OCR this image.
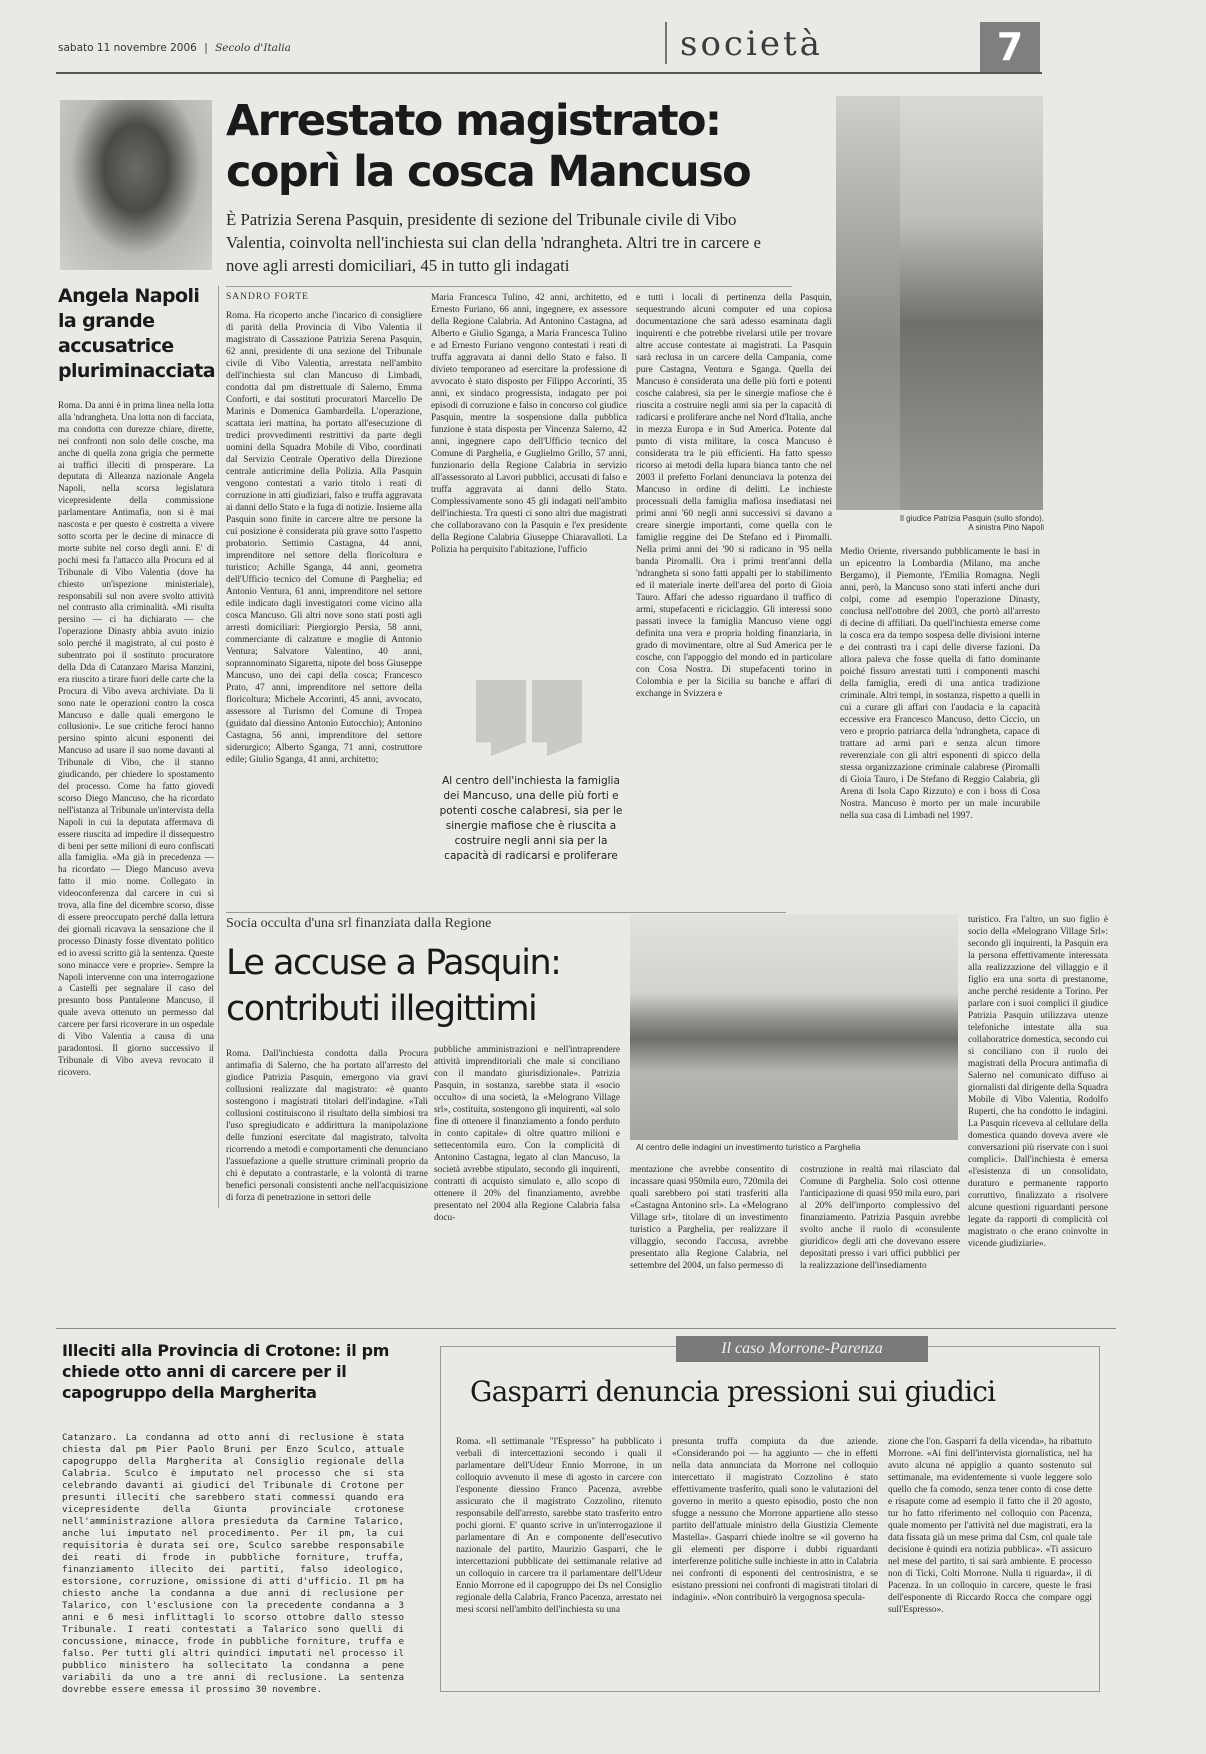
sabato 11 novembre 2006 | Secolo d'Italia	società	7
Angela Napoli la grande accusatrice pluriminacciata
Roma. Da anni è in prima linea nella lotta alla 'ndrangheta. Una lotta non di facciata, ma condotta con durezze chiare, dirette, nei confronti non solo delle cosche, ma anche di quella zona grigia che permette ai traffici illeciti di prosperare. La deputata di Alleanza nazionale Angela Napoli, nella scorsa legislatura vicepresidente della commissione parlamentare Antimafia, non si è mai nascosta e per questo è costretta a vivere sotto scorta per le decine di minacce di morte subite nel corso degli anni. E' di pochi mesi fa l'attacco alla Procura ed al Tribunale di Vibo Valentia (dove ha chiesto un'ispezione ministeriale), responsabili sul non avere svolto attività nel contrasto alla criminalità. «Mi risulta persino — ci ha dichiarato — che l'operazione Dinasty abbia avuto inizio solo perché il magistrato, al cui posto è subentrato poi il sostituto procuratore della Dda di Catanzaro Marisa Manzini, era riuscito a tirare fuori delle carte che la Procura di Vibo aveva archiviate. Da lì sono nate le operazioni contro la cosca Mancuso e dalle quali emergono le collusioni». Le sue critiche feroci hanno persino spinto alcuni esponenti dei Mancuso ad usare il suo nome davanti al Tribunale di Vibo, che il stanno giudicando, per chiedere lo spostamento del processo. Come ha fatto giovedì scorso Diego Mancuso, che ha ricordato nell'istanza al Tribunale un'intervista della Napoli in cui la deputata affermava di essere riuscita ad impedire il dissequestro di beni per sette milioni di euro confiscati alla famiglia. «Ma già in precedenza — ha ricordato — Diego Mancuso aveva fatto il mio nome. Collegato in videoconferenza dal carcere in cui si trova, alla fine del dicembre scorso, disse di essere preoccupato perché dalla lettura dei giornali ricavava la sensazione che il processo Dinasty fosse diventato politico ed io avessi scritto già la sentenza. Queste sono minacce vere e proprie». Sempre la Napoli intervenne con una interrogazione a Castelli per segnalare il caso del presunto boss Pantaleone Mancuso, il quale aveva ottenuto un permesso dal carcere per farsi ricoverare in un ospedale di Vibo Valentia a causa di una paradontosi. Il giorno successivo il Tribunale di Vibo aveva revocato il ricovero.
Arrestato magistrato: coprì la cosca Mancuso
È Patrizia Serena Pasquin, presidente di sezione del Tribunale civile di Vibo Valentia, coinvolta nell'inchiesta sui clan della 'ndrangheta. Altri tre in carcere e nove agli arresti domiciliari, 45 in tutto gli indagati
SANDRO FORTE
Roma. Ha ricoperto anche l'incarico di consigliere di parità della Provincia di Vibo Valentia il magistrato di Cassazione Patrizia Serena Pasquin, 62 anni, presidente di una sezione del Tribunale civile di Vibo Valentia, arrestata nell'ambito dell'inchiesta sul clan Mancuso di Limbadi, condotta dal pm distrettuale di Salerno, Emma Conforti, e dai sostituti procuratori Marcello De Marinis e Domenica Gambardella. L'operazione, scattata ieri mattina, ha portato all'esecuzione di tredici provvedimenti restrittivi da parte degli uomini della Squadra Mobile di Vibo, coordinati dal Servizio Centrale Operativo della Direzione centrale anticrimine della Polizia. Alla Pasquin vengono contestati a vario titolo i reati di corruzione in atti giudiziari, falso e truffa aggravata ai danni dello Stato e la fuga di notizie. Insieme alla Pasquin sono finite in carcere altre tre persone la cui posizione è considerata più grave sotto l'aspetto probatorio. Settimio Castagna, 44 anni, imprenditore nel settore della floricoltura e turistico; Achille Sganga, 44 anni, geometra dell'Ufficio tecnico del Comune di Parghelia; ed Antonio Ventura, 61 anni, imprenditore nel settore edile indicato dagli investigatori come vicino alla cosca Mancuso. Gli altri nove sono stati posti agli arresti domiciliari: Piergiorgio Persia, 58 anni, commerciante di calzature e moglie di Antonio Ventura; Salvatore Valentino, 40 anni, soprannominato Sigaretta, nipote del boss Giuseppe Mancuso, uno dei capi della cosca; Francesco Prato, 47 anni, imprenditore nel settore della floricoltura; Michele Accorinti, 45 anni, avvocato, assessore al Turismo del Comune di Tropea (guidato dal diessino Antonio Eutocchio); Antonino Castagna, 56 anni, imprenditore del settore siderurgico; Alberto Sganga, 71 anni, costruttore edile; Giulio Sganga, 41 anni, architetto;
Maria Francesca Tulino, 42 anni, architetto, ed Ernesto Furiano, 66 anni, ingegnere, ex assessore della Regione Calabria. Ad Antonino Castagna, ad Alberto e Giulio Sganga, a Maria Francesca Tulino e ad Ernesto Furiano vengono contestati i reati di truffa aggravata ai danni dello Stato e falso. Il divieto temporaneo ad esercitare la professione di avvocato è stato disposto per Filippo Accorinti, 35 anni, ex sindaco progressista, indagato per poi episodi di corruzione e falso in concorso col giudice Pasquin, mentre la sospensione dalla pubblica funzione è stata disposta per Vincenza Salerno, 42 anni, ingegnere capo dell'Ufficio tecnico del Comune di Parghelia, e Guglielmo Grillo, 57 anni, funzionario della Regione Calabria in servizio all'assessorato al Lavori pubblici, accusati di falso e truffa aggravata ai danni dello Stato. Complessivamente sono 45 gli indagati nell'ambito dell'inchiesta. Tra questi ci sono altri due magistrati che collaboravano con la Pasquin e l'ex presidente della Regione Calabria Giuseppe Chiaravalloti. La Polizia ha perquisito l'abitazione, l'ufficio
Al centro dell'inchiesta la famiglia dei Mancuso, una delle più forti e potenti cosche calabresi, sia per le sinergie mafiose che è riuscita a costruire negli anni sia per la capacità di radicarsi e proliferare
e tutti i locali di pertinenza della Pasquin, sequestrando alcuni computer ed una copiosa documentazione che sarà adesso esaminata dagli inquirenti e che potrebbe rivelarsi utile per trovare altre accuse contestate ai magistrati. La Pasquin sarà reclusa in un carcere della Campania, come pure Castagna, Ventura e Sganga. Quella dei Mancuso è considerata una delle più forti e potenti cosche calabresi, sia per le sinergie mafiose che è riuscita a costruire negli anni sia per la capacità di radicarsi e proliferare anche nel Nord d'Italia, anche in mezza Europa e in Sud America. Potente dal punto di vista militare, la cosca Mancuso è considerata tra le più efficienti. Ha fatto spesso ricorso ai metodi della lupara bianca tanto che nel 2003 il prefetto Forlani denunciava la potenza dei Mancuso in ordine di delitti. Le inchieste processuali della famiglia mafiosa insediatasi nei primi anni '60 negli anni successivi si davano a creare sinergie importanti, come quella con le famiglie reggine dei De Stefano ed i Piromalli. Nella primi anni dei '90 si radicano in '95 nella banda Piromalli. Ora i primi trent'anni della 'ndrangheta si sono fatti appalti per lo stabilimento ed il materiale inerte dell'area del porto di Gioia Tauro. Affari che adesso riguardano il traffico di armi, stupefacenti e riciclaggio. Gli interessi sono passati invece la famiglia Mancuso viene oggi definita una vera e propria holding finanziaria, in grado di movimentare, oltre al Sud America per le cosche, con l'appoggio del mondo ed in particolare con Cosa Nostra. Di stupefacenti torino in Colombia e per la Sicilia su banche e affari di exchange in Svizzera e
Il giudice Patrizia Pasquin (sullo sfondo). A sinistra Pino Napoli
Medio Oriente, riversando pubblicamente le basi in un epicentro la Lombardia (Milano, ma anche Bergamo), il Piemonte, l'Emilia Romagna. Negli anni, però, la Mancuso sono stati inferti anche duri colpi, come ad esempio l'operazione Dinasty, conclusa nell'ottobre del 2003, che portò all'arresto di decine di affiliati. Da quell'inchiesta emerse come la cosca era da tempo sospesa delle divisioni interne e dei contrasti tra i capi delle diverse fazioni. Da allora paleva che fosse quella di fatto dominante poiché fissuro arrestati tutti i componenti maschi della famiglia, eredi di una antica tradizione criminale. Altri tempi, in sostanza, rispetto a quelli in cui a curare gli affari con l'audacia e la capacità eccessive era Francesco Mancuso, detto Ciccio, un vero e proprio patriarca della 'ndrangheta, capace di trattare ad armi pari e senza alcun timore reverenziale con gli altri esponenti di spicco della stessa organizzazione criminale calabrese (Piromalli di Gioia Tauro, i De Stefano di Reggio Calabria, gli Arena di Isola Capo Rizzuto) e con i boss di Cosa Nostra. Mancuso è morto per un male incurabile nella sua casa di Limbadi nel 1997.
Socia occulta d'una srl finanziata dalla Regione
Le accuse a Pasquin: contributi illegittimi
Al centro delle indagini un investimento turistico a Parghelia
Roma. Dall'inchiesta condotta dalla Procura antimafia di Salerno, che ha portato all'arresto del giudice Patrizia Pasquin, emergono via gravi collusioni realizzate dal magistrato: «è quanto sostengono i magistrati titolari dell'indagine. «Tali collusioni costituiscono il risultato della simbiosi tra l'uso spregiudicato e addirittura la manipolazione delle funzioni esercitate dal magistrato, talvolta ricorrendo a metodi e comportamenti che denunciano l'assuefazione a quelle strutture criminali proprio da chi è deputato a contrastarle, e la volontà di trarne benefici personali consistenti anche nell'acquisizione di forza di penetrazione in settori delle
pubbliche amministrazioni e nell'intraprendere attività imprenditoriali che male si conciliano con il mandato giurisdizionale». Patrizia Pasquin, in sostanza, sarebbe stata il «socio occulto» di una società, la «Melograno Village srl», costituita, sostengono gli inquirenti, «al solo fine di ottenere il finanziamento a fondo perduto in conto capitale» di oltre quattro milioni e settecentomila euro. Con la complicità di Antonino Castagna, legato al clan Mancuso, la società avrebbe stipulato, secondo gli inquirenti, contratti di acquisto simulato e, allo scopo di ottenere il 20% del finanziamento, avrebbe presentato nel 2004 alla Regione Calabria falsa docu-
mentazione che avrebbe consentito di incassare quasi 950mila euro, 720mila dei quali sarebbero poi stati trasferiti alla «Castagna Antonino srl». La «Melograno Village srl», titolare di un investimento turistico a Parghelia, per realizzare il villaggio, secondo l'accusa, avrebbe presentato alla Regione Calabria, nel settembre del 2004, un falso permesso di
costruzione in realtà mai rilasciato dal Comune di Parghelia. Solo così ottenne l'anticipazione di quasi 950 mila euro, pari al 20% dell'importo complessivo del finanziamento. Patrizia Pasquin avrebbe svolto anche il ruolo di «consulente giuridico» degli atti che dovevano essere depositati presso i vari uffici pubblici per la realizzazione dell'insediamento
turistico. Fra l'altro, un suo figlio è socio della «Melograno Village Srl»: secondo gli inquirenti, la Pasquin era la persona effettivamente interessata alla realizzazione del villaggio e il figlio era una sorta di prestanome, anche perché residente a Torino. Per parlare con i suoi complici il giudice Patrizia Pasquin utilizzava utenze telefoniche intestate alla sua collaboratrice domestica, secondo cui si conciliano con il ruolo dei magistrati della Procura antimafia di Salerno nel comunicato diffuso ai giornalisti dal dirigente della Squadra Mobile di Vibo Valentia, Rodolfo Ruperti, che ha condotto le indagini. La Pasquin riceveva al cellulare della domestica quando doveva avere «le conversazioni più riservate con i suoi complici». Dall'inchiesta è emersa «l'esistenza di un consolidato, duraturo e permanente rapporto corruttivo, finalizzato a risolvere alcune questioni riguardanti persone legate da rapporti di complicità col magistrato o che erano coinvolte in vicende giudiziarie».
Illeciti alla Provincia di Crotone: il pm chiede otto anni di carcere per il capogruppo della Margherita
Catanzaro. La condanna ad otto anni di reclusione è stata chiesta dal pm Pier Paolo Bruni per Enzo Sculco, attuale capogruppo della Margherita al Consiglio regionale della Calabria. Sculco è imputato nel processo che si sta celebrando davanti ai giudici del Tribunale di Crotone per presunti illeciti che sarebbero stati commessi quando era vicepresidente della Giunta provinciale crotonese nell'amministrazione allora presieduta da Carmine Talarico, anche lui imputato nel procedimento. Per il pm, la cui requisitoria è durata sei ore, Sculco sarebbe responsabile dei reati di frode in pubbliche forniture, truffa, finanziamento illecito dei partiti, falso ideologico, estorsione, corruzione, omissione di atti d'ufficio. Il pm ha chiesto anche la condanna a due anni di reclusione per Talarico, con l'esclusione con la precedente condanna a 3 anni e 6 mesi inflittagli lo scorso ottobre dallo stesso Tribunale. I reati contestati a Talarico sono quelli di concussione, minacce, frode in pubbliche forniture, truffa e falso. Per tutti gli altri quindici imputati nel processo il pubblico ministero ha sollecitato la condanna a pene variabili da uno a tre anni di reclusione. La sentenza dovrebbe essere emessa il prossimo 30 novembre.
Il caso Morrone-Parenza
Gasparri denuncia pressioni sui giudici
Roma. «Il settimanale "l'Espresso" ha pubblicato i verbali di intercettazioni secondo i quali il parlamentare dell'Udeur Ennio Morrone, in un colloquio avvenuto il mese di agosto in carcere con l'esponente diessino Franco Pacenza, avrebbe assicurato che il magistrato Cozzolino, ritenuto responsabile dell'arresto, sarebbe stato trasferito entro pochi giorni. E' quanto scrive in un'interrogazione il parlamentare di An e componente dell'esecutivo nazionale del partito, Maurizio Gasparri, che le intercettazioni pubblicate dei settimanale relative ad un colloquio in carcere tra il parlamentare dell'Udeur Ennio Morrone ed il capogruppo dei Ds nel Consiglio regionale della Calabria, Franco Pacenza, arrestato nei mesi scorsi nell'ambito dell'inchiesta su una
presunta truffa compiuta da due aziende. «Considerando poi — ha aggiunto — che in effetti nella data annunciata da Morrone nel colloquio intercettato il magistrato Cozzolino è stato effettivamente trasferito, quali sono le valutazioni del governo in merito a questo episodio, posto che non sfugge a nessuno che Morrone appartiene allo stesso partito dell'attuale ministro della Giustizia Clemente Mastella». Gasparri chiede inoltre se «il governo ha gli elementi per disporre i dubbi riguardanti interferenze politiche sulle inchieste in atto in Calabria nei confronti di esponenti del centrosinistra, e se esistano pressioni nei confronti di magistrati titolari di indagini». «Non contribuirò la vergognosa specula-
zione che l'on. Gasparri fa della vicenda», ha ribattuto Morrone. «Ai fini dell'intervista giornalistica, nel ha avuto alcuna né appiglio a quanto sostenuto sul settimanale, ma evidentemente si vuole leggere solo quello che fa comodo, senza tener conto di cose dette e risapute come ad esempio il fatto che il 20 agosto, tur ho fatto riferimento nel colloquio con Pacenza, quale momento per l'attività nel due magistrati, era la data fissata già un mese prima dal Csm, col quale tale decisione è quindi era notizia pubblica». «Ti assicuro nel mese del partito, ti sai sarà ambiente. E processo non di Ticki, Colti Morrone. Nulla ti riguarda», il di Pacenza. In un colloquio in carcere, queste le frasi dell'esponente di Riccardo Rocca che compare oggi sull'Espresso».
